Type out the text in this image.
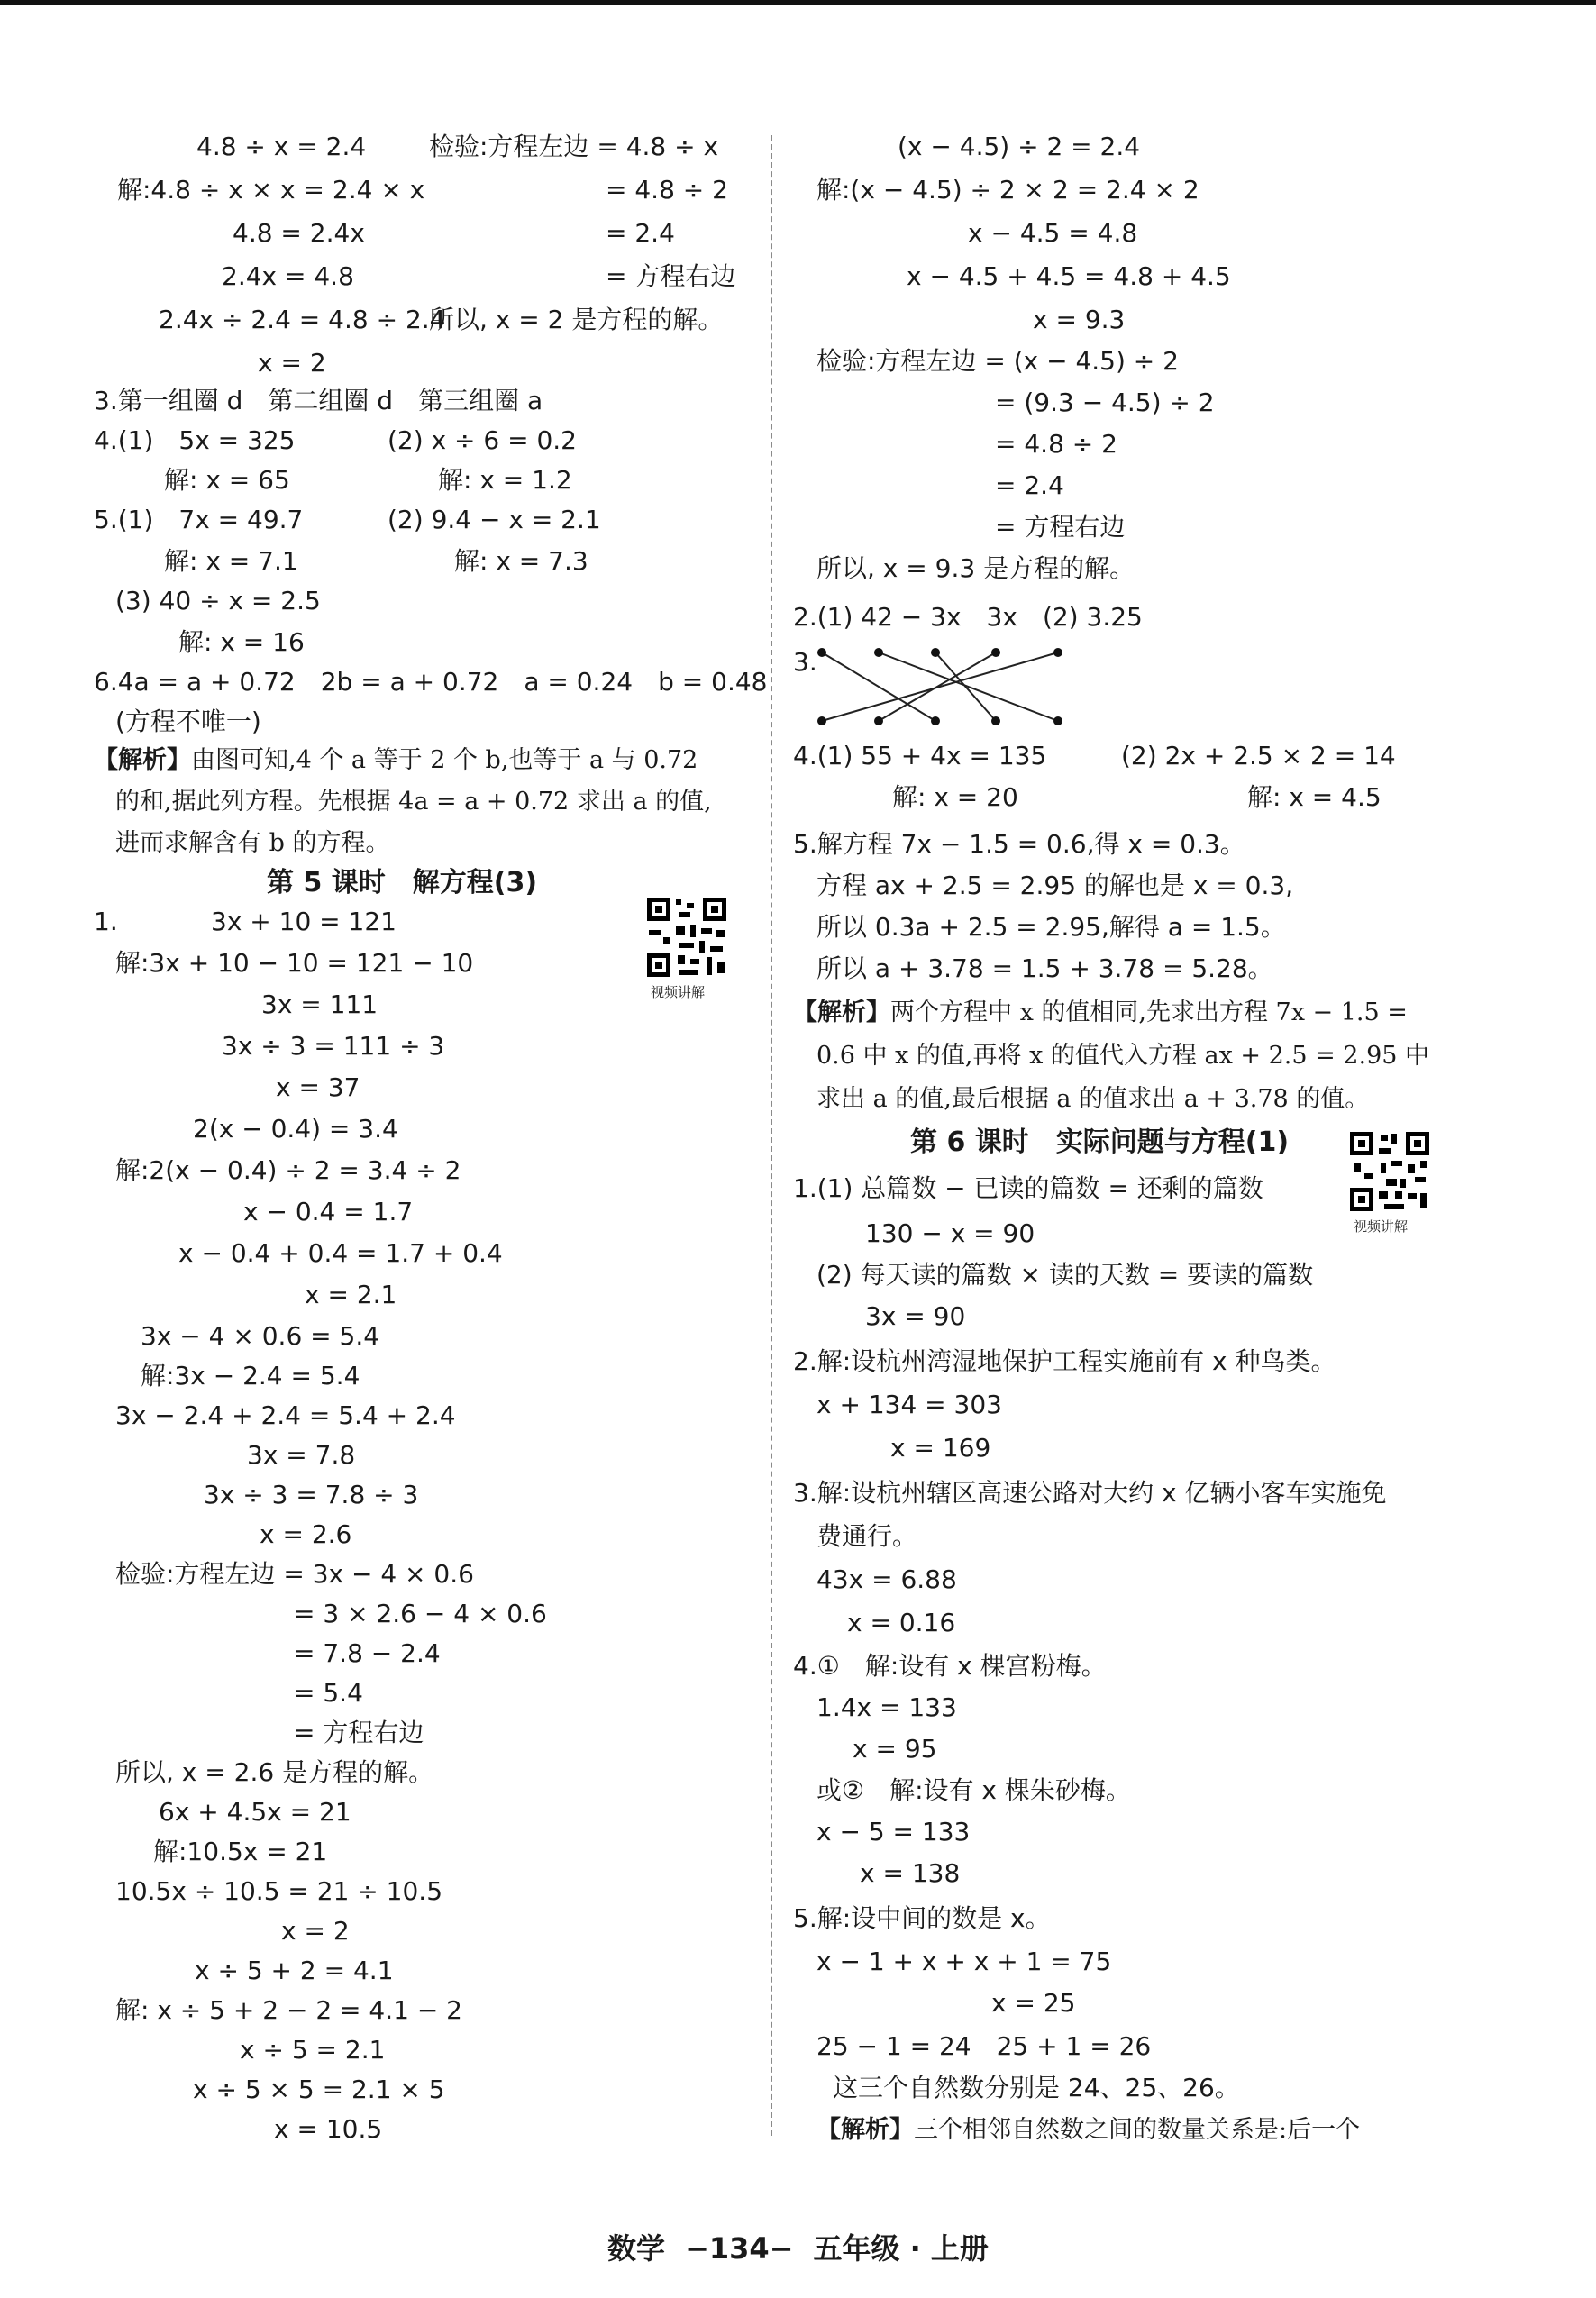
4.8 ÷ x = 2.4
解:4.8 ÷ x × x = 2.4 × x
4.8 = 2.4x
2.4x = 4.8
2.4x ÷ 2.4 = 4.8 ÷ 2.4
x = 2
检验:方程左边 = 4.8 ÷ x
= 4.8 ÷ 2
= 2.4
= 方程右边
所以, x = 2 是方程的解。
3.第一组圈 d　第二组圈 d　第三组圈 a
4.(1)　5x = 325
解: x = 65
(2) x ÷ 6 = 0.2
解: x = 1.2
5.(1)　7x = 49.7
解: x = 7.1
(2) 9.4 − x = 2.1
解: x = 7.3
(3) 40 ÷ x = 2.5
解: x = 16
6.4a = a + 0.72　2b = a + 0.72　a = 0.24　b = 0.48
(方程不唯一)
【解析】由图可知,4 个 a 等于 2 个 b,也等于 a 与 0.72
的和,据此列方程。先根据 4a = a + 0.72 求出 a 的值,
进而求解含有 b 的方程。
第 5 课时　解方程(3)
视频讲解
1.	3x + 10 = 121
解:3x + 10 − 10 = 121 − 10
3x = 111
3x ÷ 3 = 111 ÷ 3
x = 37
2(x − 0.4) = 3.4
解:2(x − 0.4) ÷ 2 = 3.4 ÷ 2
x − 0.4 = 1.7
x − 0.4 + 0.4 = 1.7 + 0.4
x = 2.1
3x − 4 × 0.6 = 5.4
解:3x − 2.4 = 5.4
3x − 2.4 + 2.4 = 5.4 + 2.4
3x = 7.8
3x ÷ 3 = 7.8 ÷ 3
x = 2.6
检验:方程左边 = 3x − 4 × 0.6
= 3 × 2.6 − 4 × 0.6
= 7.8 − 2.4
= 5.4
= 方程右边
所以, x = 2.6 是方程的解。
6x + 4.5x = 21
解:10.5x = 21
10.5x ÷ 10.5 = 21 ÷ 10.5
x = 2
x ÷ 5 + 2 = 4.1
解: x ÷ 5 + 2 − 2 = 4.1 − 2
x ÷ 5 = 2.1
x ÷ 5 × 5 = 2.1 × 5
x = 10.5
(x − 4.5) ÷ 2 = 2.4
解:(x − 4.5) ÷ 2 × 2 = 2.4 × 2
x − 4.5 = 4.8
x − 4.5 + 4.5 = 4.8 + 4.5
x = 9.3
检验:方程左边 = (x − 4.5) ÷ 2
= (9.3 − 4.5) ÷ 2
= 4.8 ÷ 2
= 2.4
= 方程右边
所以, x = 9.3 是方程的解。
2.(1) 42 − 3x　3x　(2) 3.25
3.
4.(1) 55 + 4x = 135
解: x = 20
(2) 2x + 2.5 × 2 = 14
解: x = 4.5
5.解方程 7x − 1.5 = 0.6,得 x = 0.3。
方程 ax + 2.5 = 2.95 的解也是 x = 0.3,
所以 0.3a + 2.5 = 2.95,解得 a = 1.5。
所以 a + 3.78 = 1.5 + 3.78 = 5.28。
【解析】两个方程中 x 的值相同,先求出方程 7x − 1.5 =
0.6 中 x 的值,再将 x 的值代入方程 ax + 2.5 = 2.95 中
求出 a 的值,最后根据 a 的值求出 a + 3.78 的值。
第 6 课时　实际问题与方程(1)
视频讲解
1.(1) 总篇数 − 已读的篇数 = 还剩的篇数
130 − x = 90
(2) 每天读的篇数 × 读的天数 = 要读的篇数
3x = 90
2.解:设杭州湾湿地保护工程实施前有 x 种鸟类。
x + 134 = 303
x = 169
3.解:设杭州辖区高速公路对大约 x 亿辆小客车实施免
费通行。
43x = 6.88
x = 0.16
4.①　解:设有 x 棵宫粉梅。
1.4x = 133
x = 95
或②　解:设有 x 棵朱砂梅。
x − 5 = 133
x = 138
5.解:设中间的数是 x。
x − 1 + x + x + 1 = 75
x = 25
25 − 1 = 24　25 + 1 = 26
这三个自然数分别是 24、25、26。
【解析】三个相邻自然数之间的数量关系是:后一个
数学 −134− 五年级 · 上册
